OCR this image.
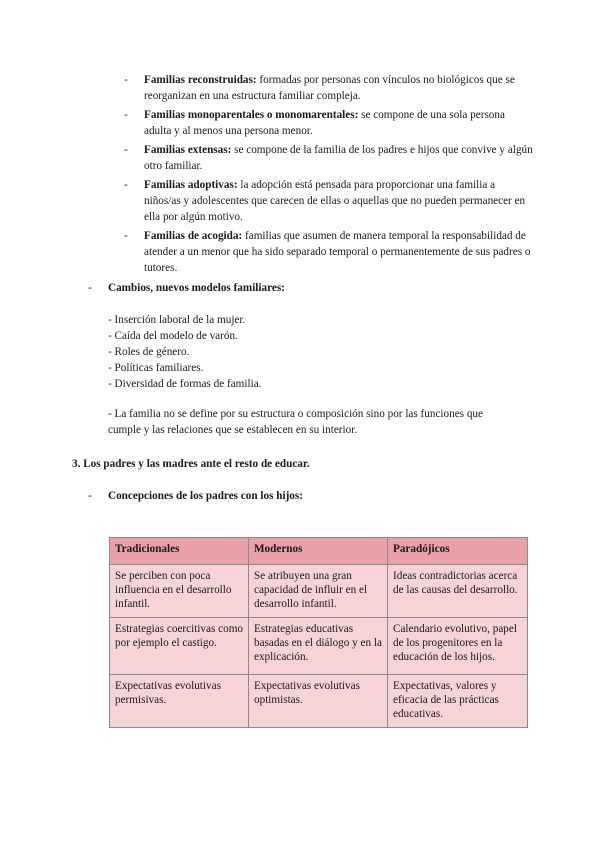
- Familias reconstruidas: formadas por personas con vínculos no biológicos que se reorganizan en una estructura familiar compleja.
- Familias monoparentales o monomarentales: se compone de una sola persona adulta y al menos una persona menor.
- Familias extensas: se compone de la familia de los padres e hijos que convive y algún otro familiar.
- Familias adoptivas: la adopción está pensada para proporcionar una familia a niños/as y adolescentes que carecen de ellas o aquellas que no pueden permanecer en ella por algún motivo.
- Familias de acogida: familias que asumen de manera temporal la responsabilidad de atender a un menor que ha sido separado temporal o permanentemente de sus padres o tutores.
-	Cambios, nuevos modelos familiares:
- Inserción laboral de la mujer.
- Caída del modelo de varón.
- Roles de género.
- Políticas familiares.
- Diversidad de formas de familia.
- La familia no se define por su estructura o composición sino por las funciones que cumple y las relaciones que se establecen en su interior.
3. Los padres y las madres ante el resto de educar.
-	Concepciones de los padres con los hijos:
Tradicionales	Modernos	Paradójicos
Se perciben con poca influencia en el desarrollo infantil.	Se atribuyen una gran capacidad de influir en el desarrollo infantil.	Ideas contradictorias acerca de las causas del desarrollo.
Estrategias coercitivas como por ejemplo el castigo.	Estrategias educativas basadas en el diálogo y en la explicación.	Calendario evolutivo, papel de los progenitores en la educación de los hijos.
Expectativas evolutivas permisivas.	Expectativas evolutivas optimistas.	Expectativas, valores y eficacia de las prácticas educativas.
